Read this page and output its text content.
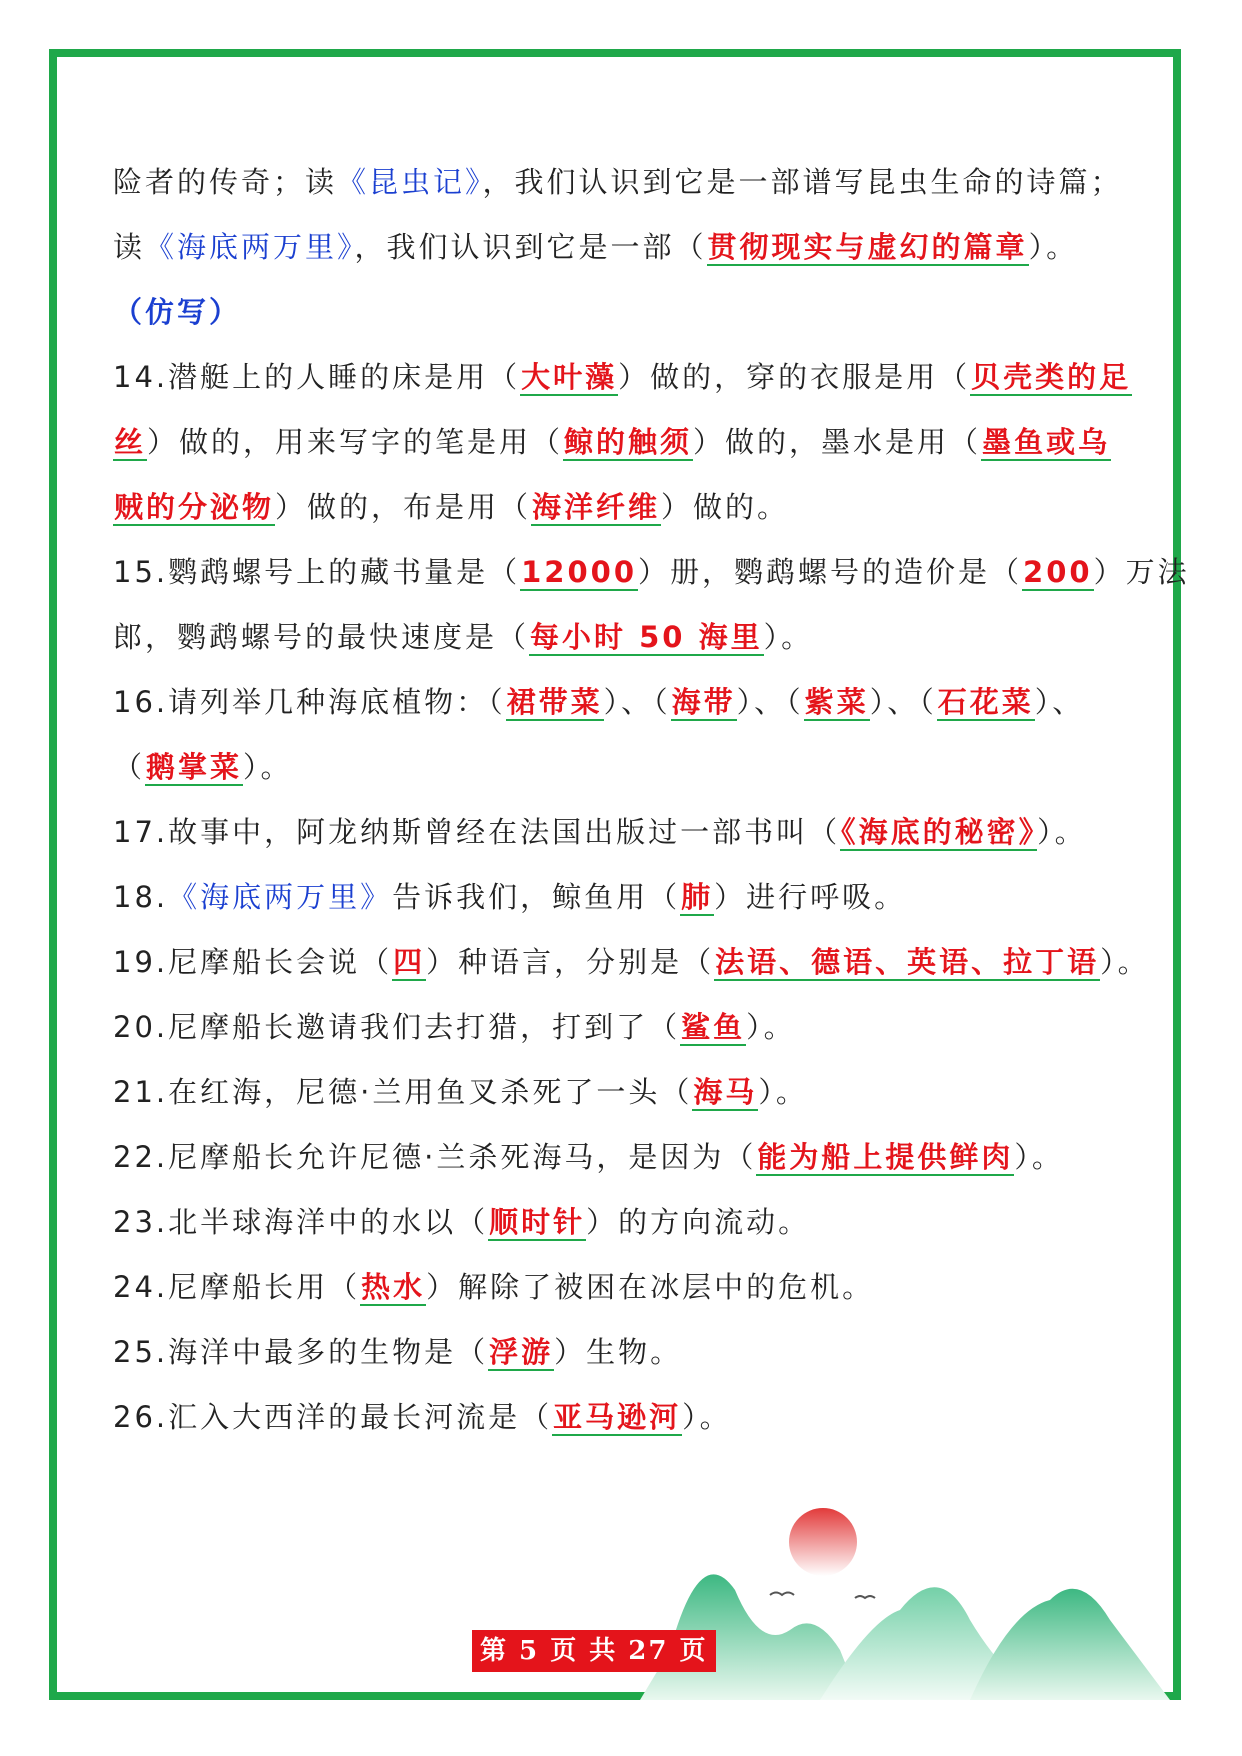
险者的传奇；读《昆虫记》，我们认识到它是一部谱写昆虫生命的诗篇；
读《海底两万里》，我们认识到它是一部（贯彻现实与虚幻的篇章）。
（仿写）
14.潜艇上的人睡的床是用（大叶藻）做的，穿的衣服是用（贝壳类的足
丝）做的，用来写字的笔是用（鲸的触须）做的，墨水是用（墨鱼或乌
贼的分泌物）做的，布是用（海洋纤维）做的。
15.鹦鹉螺号上的藏书量是（12000）册，鹦鹉螺号的造价是（200）万法
郎，鹦鹉螺号的最快速度是（每小时 50 海里）。
16.请列举几种海底植物：（裙带菜）、（海带）、（紫菜）、（石花菜）、
（鹅掌菜）。
17.故事中，阿龙纳斯曾经在法国出版过一部书叫（《海底的秘密》）。
18.《海底两万里》告诉我们，鲸鱼用（肺）进行呼吸。
19.尼摩船长会说（四）种语言，分别是（法语、德语、英语、拉丁语）。
20.尼摩船长邀请我们去打猎，打到了（鲨鱼）。
21.在红海，尼德·兰用鱼叉杀死了一头（海马）。
22.尼摩船长允许尼德·兰杀死海马，是因为（能为船上提供鲜肉）。
23.北半球海洋中的水以（顺时针）的方向流动。
24.尼摩船长用（热水）解除了被困在冰层中的危机。
25.海洋中最多的生物是（浮游）生物。
26.汇入大西洋的最长河流是（亚马逊河）。
第 5 页 共 27 页
